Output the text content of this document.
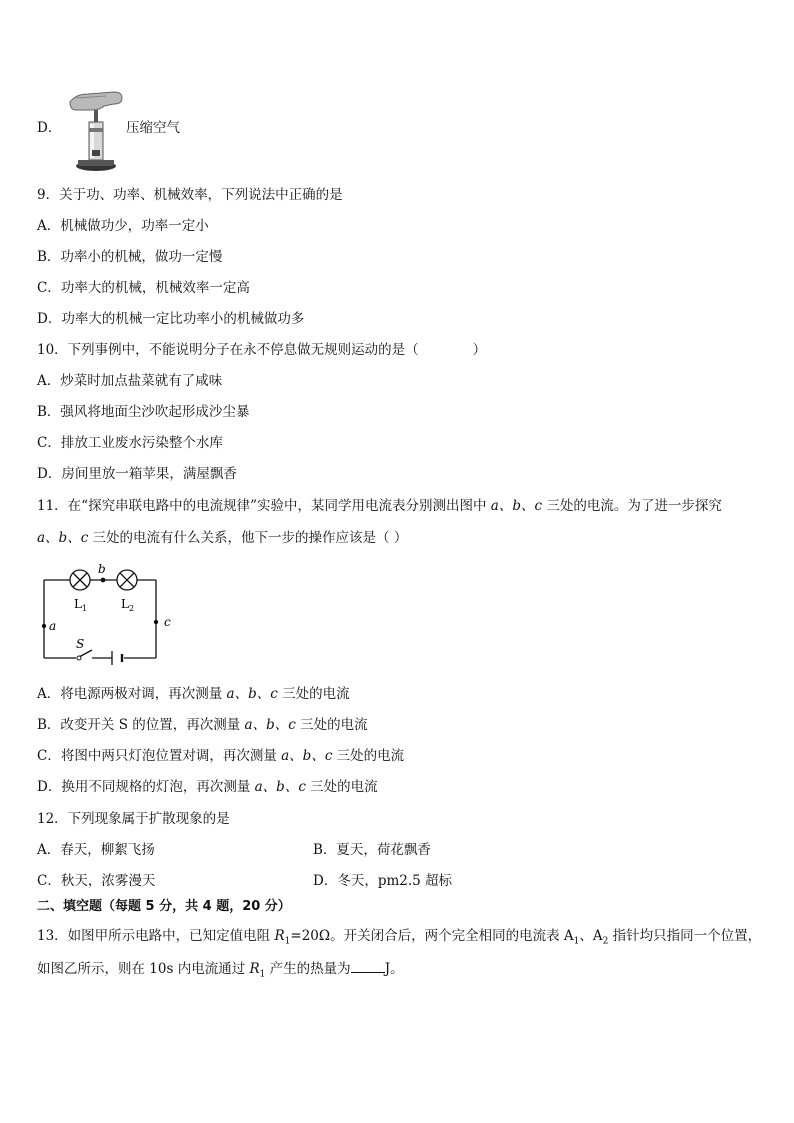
D．	压缩空气
9．关于功、功率、机械效率，下列说法中正确的是
A．机械做功少，功率一定小
B．功率小的机械，做功一定慢
C．功率大的机械，机械效率一定高
D．功率大的机械一定比功率小的机械做功多
10．下列事例中，不能说明分子在永不停息做无规则运动的是（　　　　）
A．炒菜时加点盐菜就有了咸味
B．强风将地面尘沙吹起形成沙尘暴
C．排放工业废水污染整个水库
D．房间里放一箱苹果，满屋飘香
11．在“探究串联电路中的电流规律”实验中，某同学用电流表分别测出图中 a、b、c 三处的电流。为了进一步探究
a、b、c 三处的电流有什么关系，他下一步的操作应该是（ ）
b
$L_1$	$L_2$
a	c
S
A．将电源两极对调，再次测量 a、b、c 三处的电流
B．改变开关 S 的位置，再次测量 a、b、c 三处的电流
C．将图中两只灯泡位置对调，再次测量 a、b、c 三处的电流
D．换用不同规格的灯泡，再次测量 a、b、c 三处的电流
12．下列现象属于扩散现象的是
A．春天，柳絮飞扬	B．夏天，荷花飘香
C．秋天，浓雾漫天	D．冬天，pm2.5 超标
二、填空题（每题 5 分，共 4 题，20 分）
13．如图甲所示电路中，已知定值电阻 $R_1=20\Omega$。开关闭合后，两个完全相同的电流表 $A_1$、$A_2$ 指针均只指同一个位置，
如图乙所示，则在 10s 内电流通过 $R_1$ 产生的热量为	J。
